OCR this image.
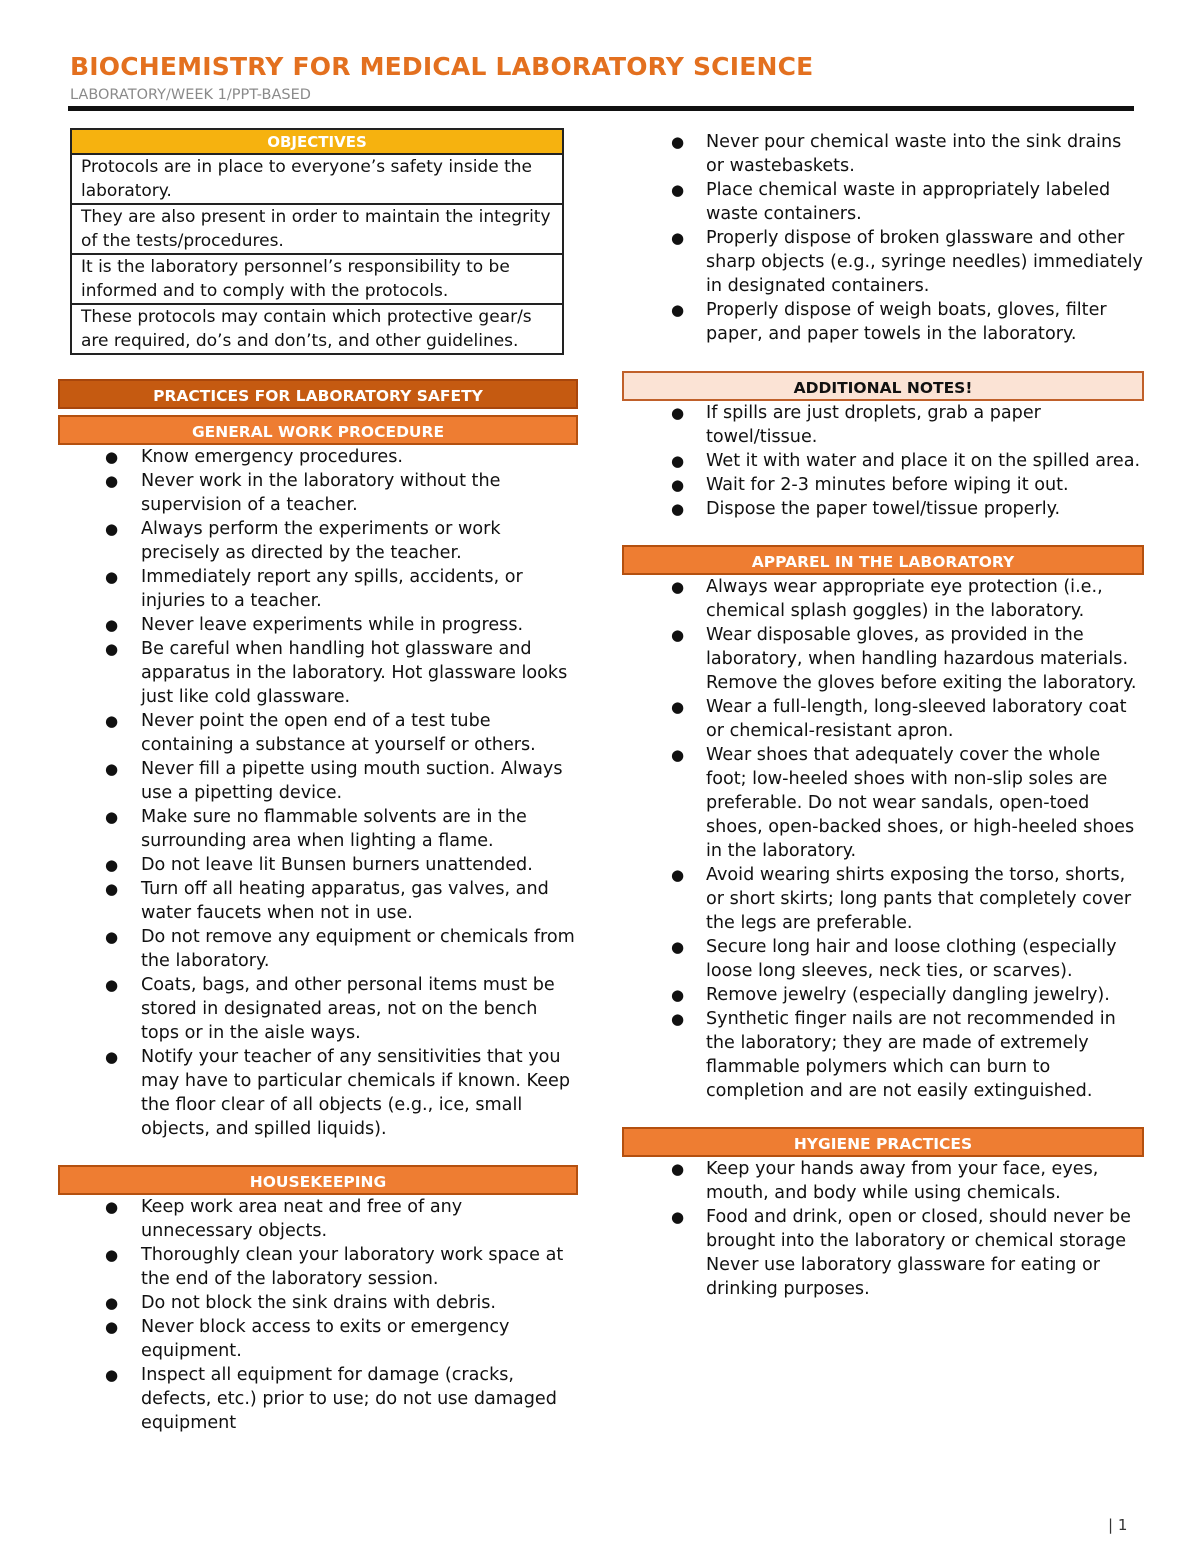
BIOCHEMISTRY FOR MEDICAL LABORATORY SCIENCE
LABORATORY/WEEK 1/PPT-BASED
OBJECTIVES
Protocols are in place to everyone’s safety inside the laboratory.
They are also present in order to maintain the integrity of the tests/procedures.
It is the laboratory personnel’s responsibility to be informed and to comply with the protocols.
These protocols may contain which protective gear/s are required, do’s and don’ts, and other guidelines.
PRACTICES FOR LABORATORY SAFETY
GENERAL WORK PROCEDURE
● Know emergency procedures.
● Never work in the laboratory without the supervision of a teacher.
● Always perform the experiments or work precisely as directed by the teacher.
● Immediately report any spills, accidents, or injuries to a teacher.
● Never leave experiments while in progress.
● Be careful when handling hot glassware and apparatus in the laboratory. Hot glassware looks just like cold glassware.
● Never point the open end of a test tube containing a substance at yourself or others.
● Never fill a pipette using mouth suction. Always use a pipetting device.
● Make sure no flammable solvents are in the surrounding area when lighting a flame.
● Do not leave lit Bunsen burners unattended.
● Turn off all heating apparatus, gas valves, and water faucets when not in use.
● Do not remove any equipment or chemicals from the laboratory.
● Coats, bags, and other personal items must be stored in designated areas, not on the bench tops or in the aisle ways.
● Notify your teacher of any sensitivities that you may have to particular chemicals if known. Keep the floor clear of all objects (e.g., ice, small objects, and spilled liquids).
HOUSEKEEPING
● Keep work area neat and free of any unnecessary objects.
● Thoroughly clean your laboratory work space at the end of the laboratory session.
● Do not block the sink drains with debris.
● Never block access to exits or emergency equipment.
● Inspect all equipment for damage (cracks, defects, etc.) prior to use; do not use damaged equipment
● Never pour chemical waste into the sink drains or wastebaskets.
● Place chemical waste in appropriately labeled waste containers.
● Properly dispose of broken glassware and other sharp objects (e.g., syringe needles) immediately in designated containers.
● Properly dispose of weigh boats, gloves, filter paper, and paper towels in the laboratory.
ADDITIONAL NOTES!
● If spills are just droplets, grab a paper towel/tissue.
● Wet it with water and place it on the spilled area.
● Wait for 2-3 minutes before wiping it out.
● Dispose the paper towel/tissue properly.
APPAREL IN THE LABORATORY
● Always wear appropriate eye protection (i.e., chemical splash goggles) in the laboratory.
● Wear disposable gloves, as provided in the laboratory, when handling hazardous materials. Remove the gloves before exiting the laboratory.
● Wear a full-length, long-sleeved laboratory coat or chemical-resistant apron.
● Wear shoes that adequately cover the whole foot; low-heeled shoes with non-slip soles are preferable. Do not wear sandals, open-toed shoes, open-backed shoes, or high-heeled shoes in the laboratory.
● Avoid wearing shirts exposing the torso, shorts, or short skirts; long pants that completely cover the legs are preferable.
● Secure long hair and loose clothing (especially loose long sleeves, neck ties, or scarves).
● Remove jewelry (especially dangling jewelry).
● Synthetic finger nails are not recommended in the laboratory; they are made of extremely flammable polymers which can burn to completion and are not easily extinguished.
HYGIENE PRACTICES
● Keep your hands away from your face, eyes, mouth, and body while using chemicals.
● Food and drink, open or closed, should never be brought into the laboratory or chemical storage Never use laboratory glassware for eating or drinking purposes.
| 1
